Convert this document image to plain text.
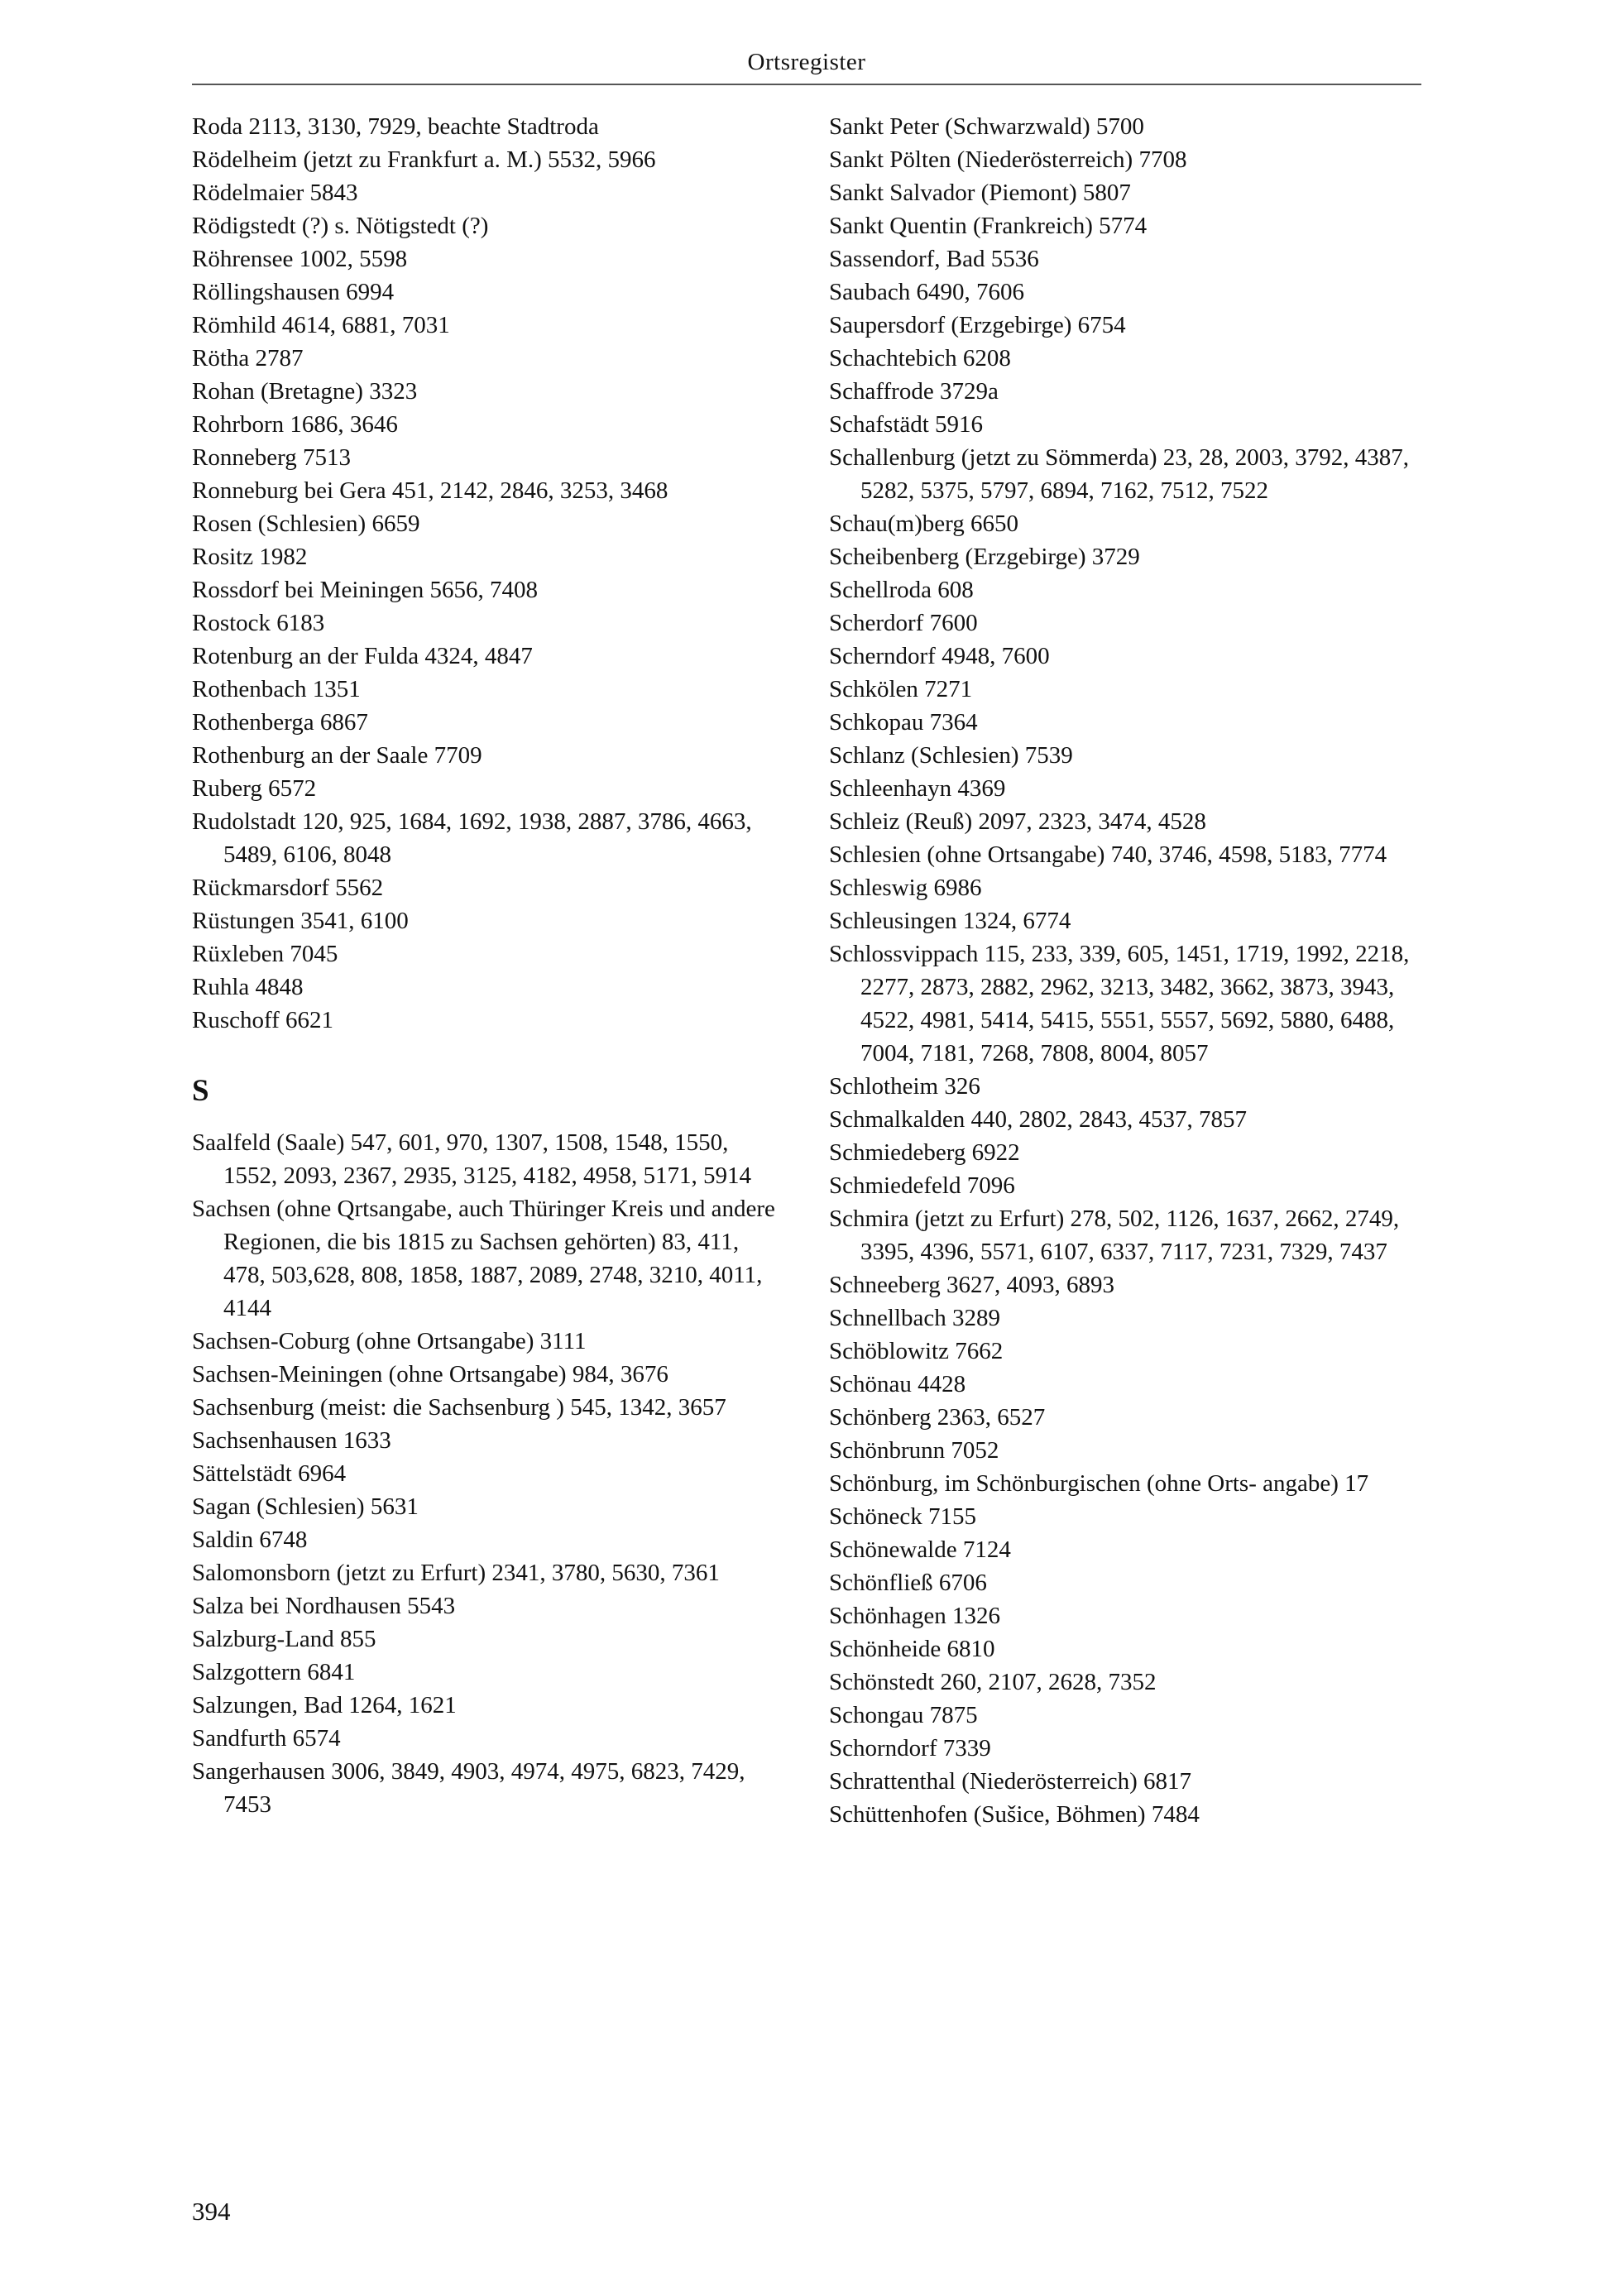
Ortsregister
Roda 2113, 3130, 7929, beachte Stadtroda
Rödelheim (jetzt zu Frankfurt a. M.) 5532, 5966
Rödelmaier 5843
Rödigstedt (?) s. Nötigstedt (?)
Röhrensee 1002, 5598
Röllingshausen 6994
Römhild 4614, 6881, 7031
Rötha 2787
Rohan (Bretagne) 3323
Rohrborn 1686, 3646
Ronneberg 7513
Ronneburg bei Gera 451, 2142, 2846, 3253, 3468
Rosen (Schlesien) 6659
Rositz 1982
Rossdorf bei Meiningen 5656, 7408
Rostock 6183
Rotenburg an der Fulda 4324, 4847
Rothenbach 1351
Rothenberga 6867
Rothenburg an der Saale 7709
Ruberg 6572
Rudolstadt 120, 925, 1684, 1692, 1938, 2887, 3786, 4663, 5489, 6106, 8048
Rückmarsdorf 5562
Rüstungen 3541, 6100
Rüxleben 7045
Ruhla 4848
Ruschoff 6621
S
Saalfeld (Saale) 547, 601, 970, 1307, 1508, 1548, 1550, 1552, 2093, 2367, 2935, 3125, 4182, 4958, 5171, 5914
Sachsen (ohne Qrtsangabe, auch Thüringer Kreis und andere Regionen, die bis 1815 zu Sachsen gehörten) 83, 411, 478, 503,628, 808, 1858, 1887, 2089, 2748, 3210, 4011, 4144
Sachsen-Coburg (ohne Ortsangabe) 3111
Sachsen-Meiningen (ohne Ortsangabe) 984, 3676
Sachsenburg (meist: die Sachsenburg ) 545, 1342, 3657
Sachsenhausen 1633
Sättelstädt 6964
Sagan (Schlesien) 5631
Saldin 6748
Salomonsborn (jetzt zu Erfurt) 2341, 3780, 5630, 7361
Salza bei Nordhausen 5543
Salzburg-Land 855
Salzgottern 6841
Salzungen, Bad 1264, 1621
Sandfurth 6574
Sangerhausen 3006, 3849, 4903, 4974, 4975, 6823, 7429, 7453
Sankt Peter (Schwarzwald) 5700
Sankt Pölten (Niederösterreich) 7708
Sankt Salvador (Piemont) 5807
Sankt Quentin (Frankreich) 5774
Sassendorf, Bad 5536
Saubach 6490, 7606
Saupersdorf (Erzgebirge) 6754
Schachtebich 6208
Schaffrode 3729a
Schafstädt 5916
Schallenburg (jetzt zu Sömmerda) 23, 28, 2003, 3792, 4387, 5282, 5375, 5797, 6894, 7162, 7512, 7522
Schau(m)berg 6650
Scheibenberg (Erzgebirge) 3729
Schellroda 608
Scherdorf 7600
Scherndorf 4948, 7600
Schkölen 7271
Schkopau 7364
Schlanz (Schlesien) 7539
Schleenhayn 4369
Schleiz (Reuß) 2097, 2323, 3474, 4528
Schlesien (ohne Ortsangabe) 740, 3746, 4598, 5183, 7774
Schleswig 6986
Schleusingen 1324, 6774
Schlossvippach 115, 233, 339, 605, 1451, 1719, 1992, 2218, 2277, 2873, 2882, 2962, 3213, 3482, 3662, 3873, 3943, 4522, 4981, 5414, 5415, 5551, 5557, 5692, 5880, 6488, 7004, 7181, 7268, 7808, 8004, 8057
Schlotheim 326
Schmalkalden 440, 2802, 2843, 4537, 7857
Schmiedeberg 6922
Schmiedefeld 7096
Schmira (jetzt zu Erfurt) 278, 502, 1126, 1637, 2662, 2749, 3395, 4396, 5571, 6107, 6337, 7117, 7231, 7329, 7437
Schneeberg 3627, 4093, 6893
Schnellbach 3289
Schöblowitz 7662
Schönau 4428
Schönberg 2363, 6527
Schönbrunn 7052
Schönburg, im Schönburgischen (ohne Orts- angabe) 17
Schöneck 7155
Schönewalde 7124
Schönfließ 6706
Schönhagen 1326
Schönheide 6810
Schönstedt 260, 2107, 2628, 7352
Schongau 7875
Schorndorf 7339
Schrattenthal (Niederösterreich) 6817
Schüttenhofen (Sušice, Böhmen) 7484
394
